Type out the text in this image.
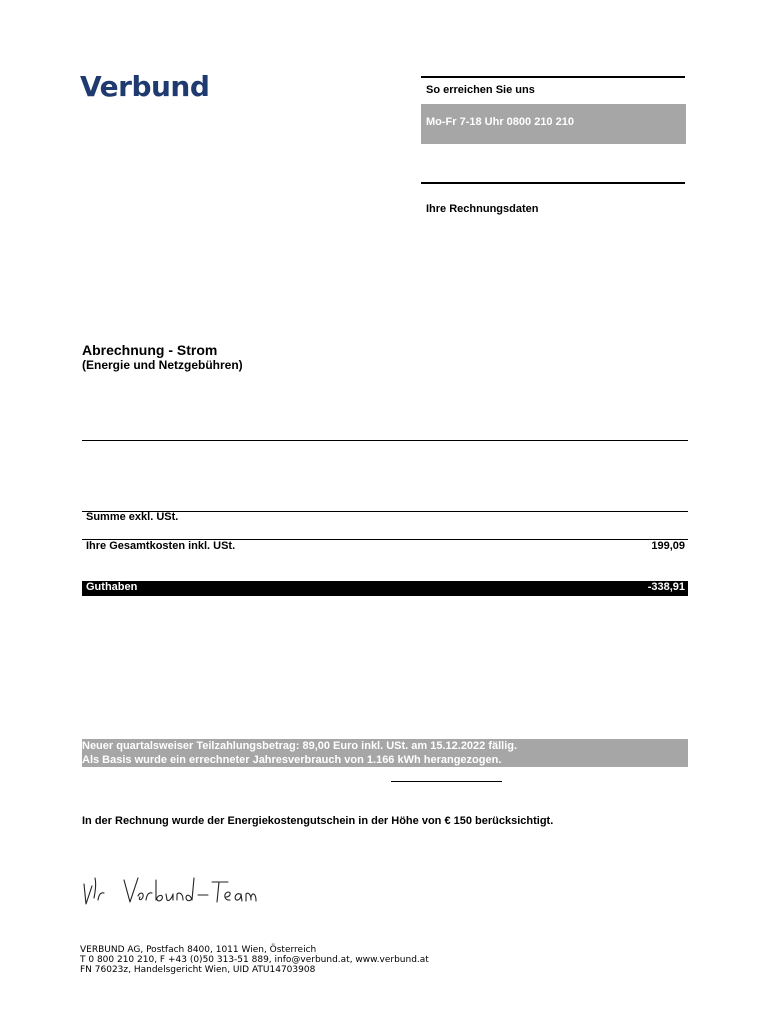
Verbund	So erreichen Sie uns
Mo-Fr 7-18 Uhr 0800 210 210
Ihre Rechnungsdaten
Abrechnung - Strom
(Energie und Netzgebühren)
Summe exkl. USt.
Ihre Gesamtkosten inkl. USt.	199,09
Guthaben	-338,91
Neuer quartalsweiser Teilzahlungsbetrag: 89,00 Euro inkl. USt. am 15.12.2022 fällig.
Als Basis wurde ein errechneter Jahresverbrauch von 1.166 kWh herangezogen.
In der Rechnung wurde der Energiekostengutschein in der Höhe von € 150 berücksichtigt.
VERBUND AG, Postfach 8400, 1011 Wien, Österreich
T 0 800 210 210, F +43 (0)50 313-51 889, info@verbund.at, www.verbund.at
FN 76023z, Handelsgericht Wien, UID ATU14703908
